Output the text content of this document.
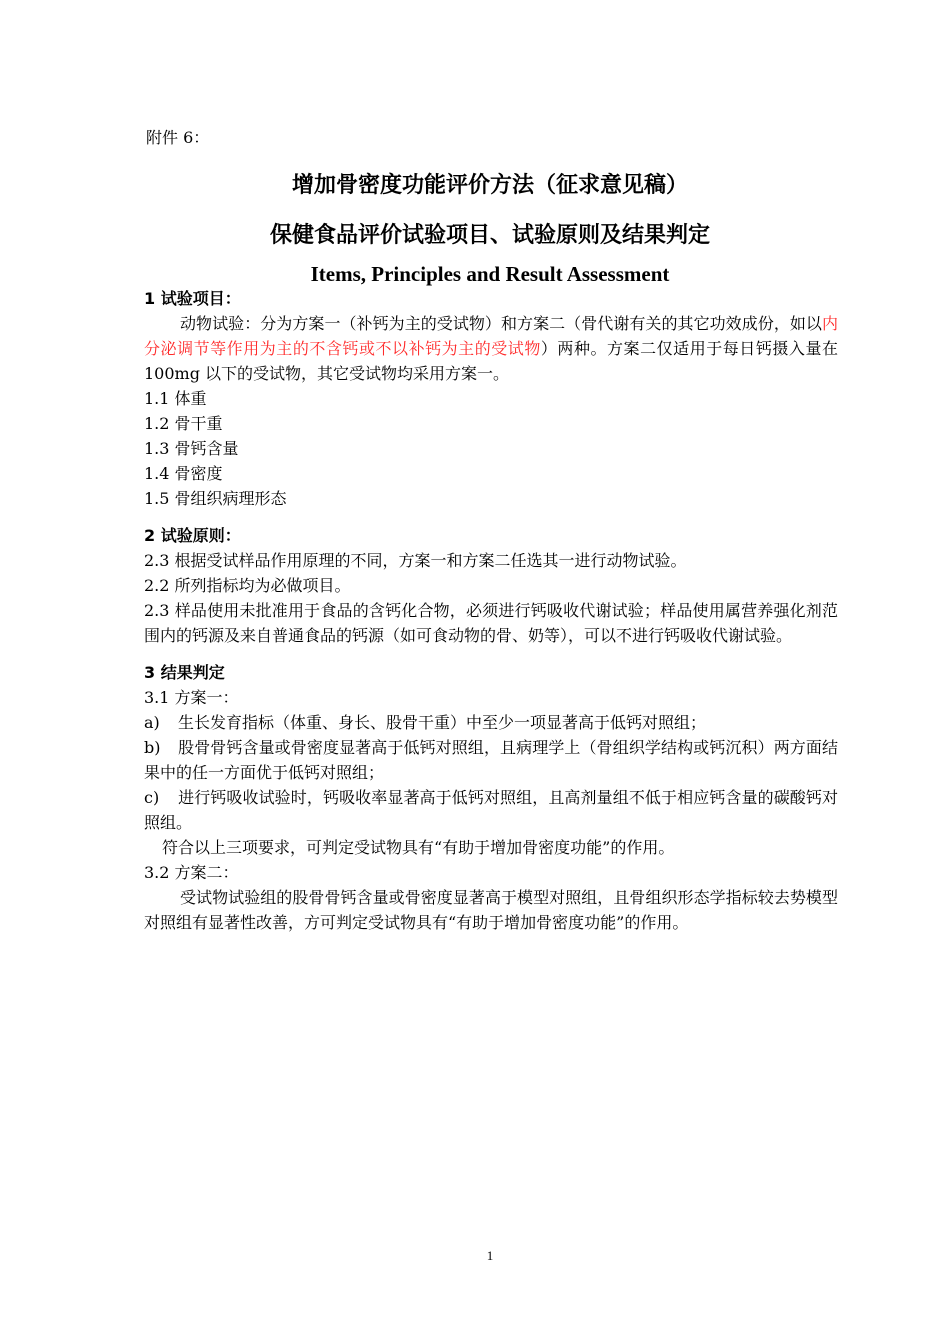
附件 6：
增加骨密度功能评价方法（征求意见稿）
保健食品评价试验项目、试验原则及结果判定
Items, Principles and Result Assessment

1 试验项目：

动物试验：分为方案一（补钙为主的受试物）和方案二（骨代谢有关的其它功效成份，如以内分泌调节等作用为主的不含钙或不以补钙为主的受试物）两种。方案二仅适用于每日钙摄入量在 100mg 以下的受试物，其它受试物均采用方案一。

1.1 体重

1.2 骨干重

1.3 骨钙含量

1.4 骨密度

1.5 骨组织病理形态

2 试验原则：

2.3 根据受试样品作用原理的不同，方案一和方案二任选其一进行动物试验。

2.2 所列指标均为必做项目。

2.3 样品使用未批准用于食品的含钙化合物，必须进行钙吸收代谢试验；样品使用属营养强化剂范围内的钙源及来自普通食品的钙源（如可食动物的骨、奶等），可以不进行钙吸收代谢试验。

3 结果判定

3.1 方案一：

a) 生长发育指标（体重、身长、股骨干重）中至少一项显著高于低钙对照组；

b) 股骨骨钙含量或骨密度显著高于低钙对照组，且病理学上（骨组织学结构或钙沉积）两方面结果中的任一方面优于低钙对照组；

c) 进行钙吸收试验时，钙吸收率显著高于低钙对照组，且高剂量组不低于相应钙含量的碳酸钙对照组。

符合以上三项要求，可判定受试物具有“有助于增加骨密度功能”的作用。

3.2 方案二：

受试物试验组的股骨骨钙含量或骨密度显著高于模型对照组，且骨组织形态学指标较去势模型对照组有显著性改善，方可判定受试物具有“有助于增加骨密度功能”的作用。

1
